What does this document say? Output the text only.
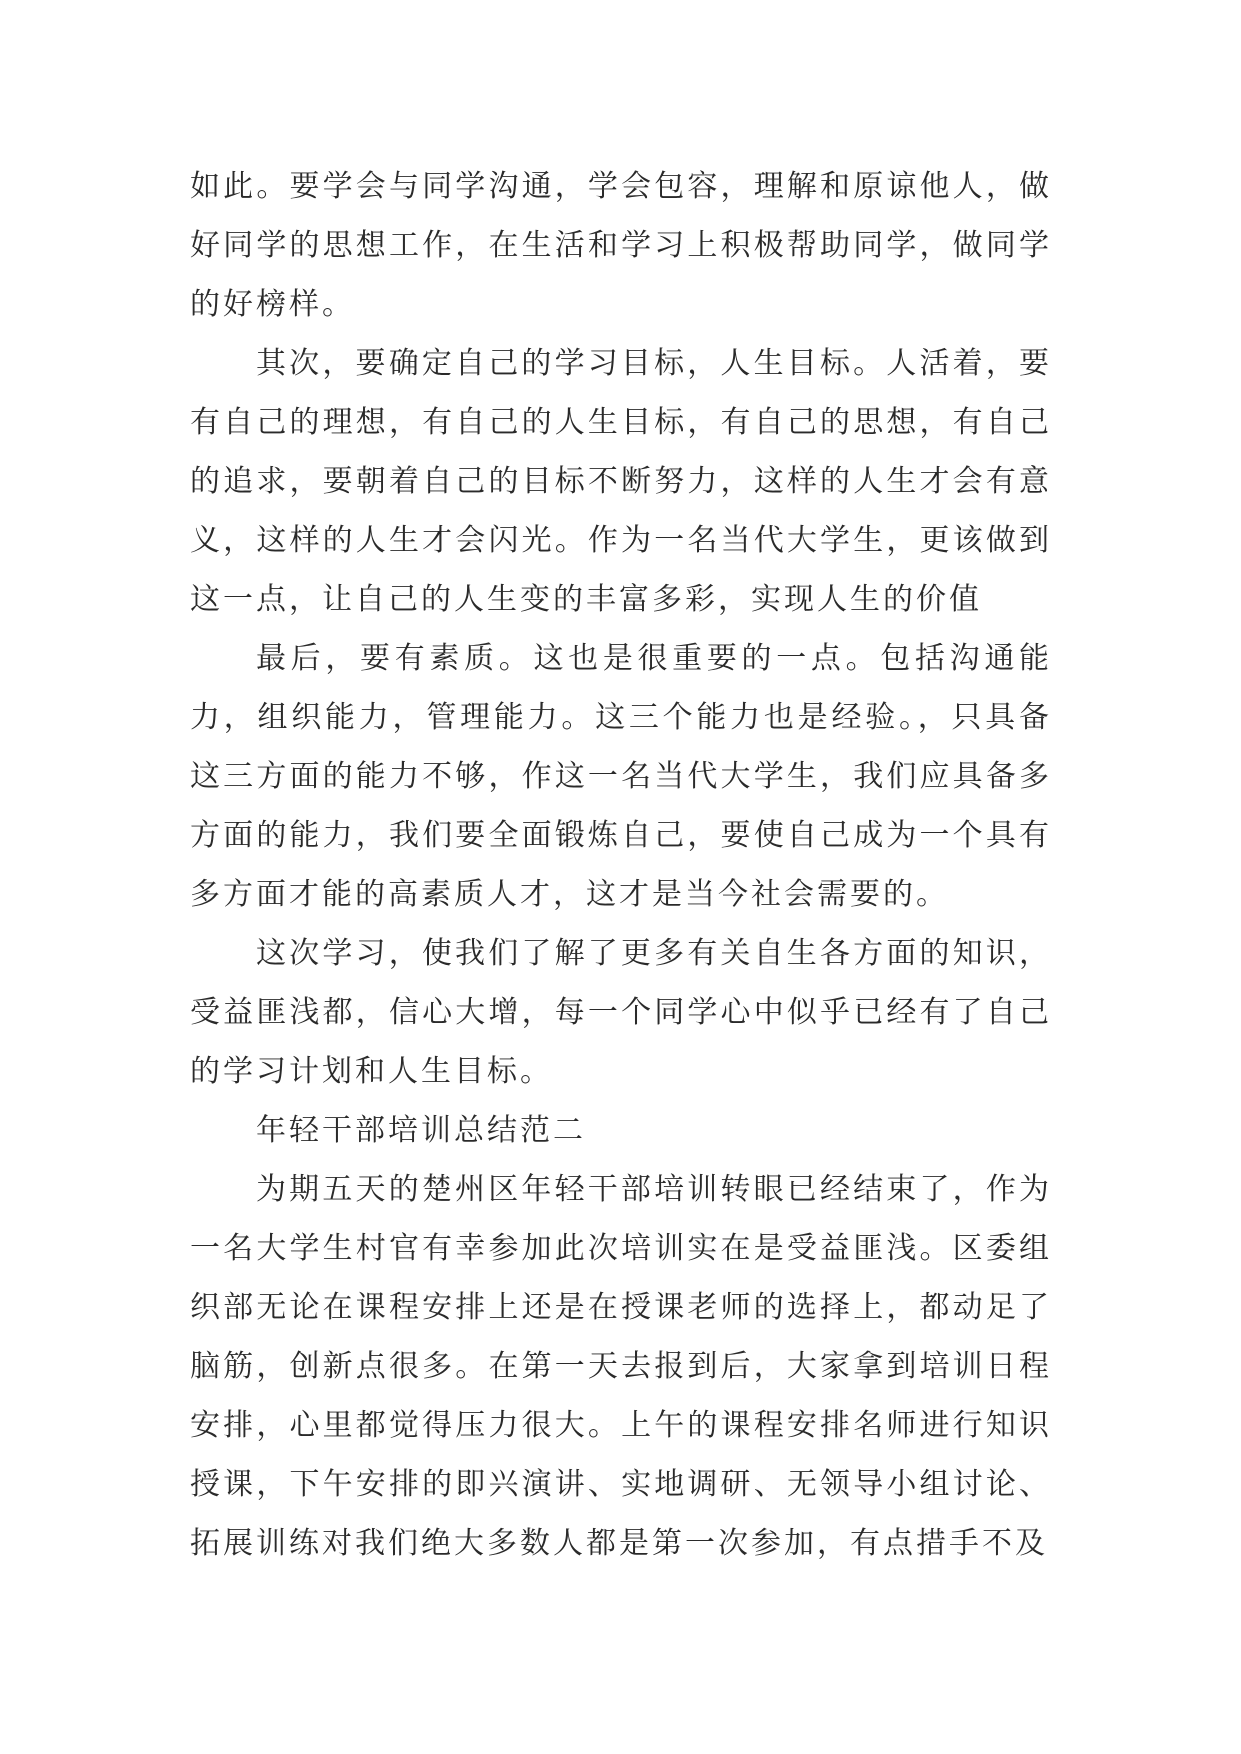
如此。要学会与同学沟通，学会包容，理解和原谅他人，做好同学的思想工作，在生活和学习上积极帮助同学，做同学的好榜样。

其次，要确定自己的学习目标，人生目标。人活着，要有自己的理想，有自己的人生目标，有自己的思想，有自己的追求，要朝着自己的目标不断努力，这样的人生才会有意义，这样的人生才会闪光。作为一名当代大学生，更该做到这一点，让自己的人生变的丰富多彩，实现人生的价值

最后，要有素质。这也是很重要的一点。包括沟通能力，组织能力，管理能力。这三个能力也是经验。，只具备这三方面的能力不够，作这一名当代大学生，我们应具备多方面的能力，我们要全面锻炼自己，要使自己成为一个具有多方面才能的高素质人才，这才是当今社会需要的。

这次学习，使我们了解了更多有关自生各方面的知识，受益匪浅都，信心大增，每一个同学心中似乎已经有了自己的学习计划和人生目标。

年轻干部培训总结范二

为期五天的楚州区年轻干部培训转眼已经结束了，作为一名大学生村官有幸参加此次培训实在是受益匪浅。区委组织部无论在课程安排上还是在授课老师的选择上，都动足了脑筋，创新点很多。在第一天去报到后，大家拿到培训日程安排，心里都觉得压力很大。上午的课程安排名师进行知识授课，下午安排的即兴演讲、实地调研、无领导小组讨论、拓展训练对我们绝大多数人都是第一次参加，有点措手不及
